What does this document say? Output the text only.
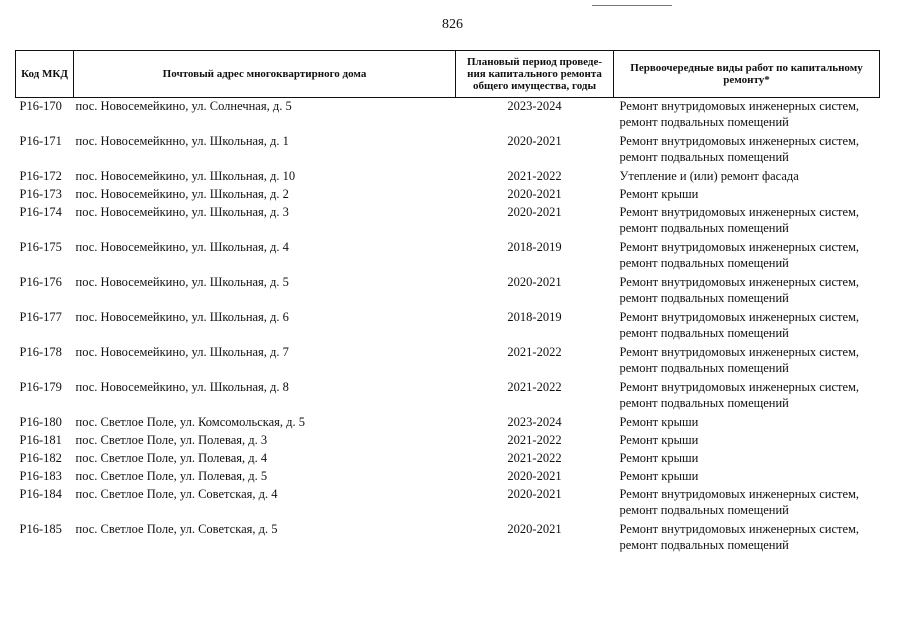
826
Код МКД	Почтовый адрес многоквартирного дома	Плановый период проведе-ния капитального ремонта общего имущества, годы	Первоочередные виды работ по капитальному ремонту*
Р16-170	пос. Новосемейкино, ул. Солнечная, д. 5	2023-2024	Ремонт внутридомовых инженерных систем,
ремонт подвальных помещений

Р16-171	пос. Новосемейкнно, ул. Школьная, д. 1	2020-2021	Ремонт внутридомовых инженерных систем,
ремонт подвальных помещений

Р16-172	пос. Новосемейкино, ул. Школьная, д. 10	2021-2022	Утепление и (или) ремонт фасада

Р16-173	пос. Новосемейкино, ул. Школьная, д. 2	2020-2021	Ремонт крыши

Р16-174	пос. Новосемейкино, ул. Школьная, д. 3	2020-2021	Ремонт внутридомовых инженерных систем,
ремонт подвальных помещений

Р16-175	пос. Новосемейкино, ул. Школьная, д. 4	2018-2019	Ремонт внутридомовых инженерных систем,
ремонт подвальных помещений

Р16-176	пос. Новосемейкино, ул. Школьная, д. 5	2020-2021	Ремонт внутридомовых инженерных систем,
ремонт подвальных помещений

Р16-177	пос. Новосемейкино, ул. Школьная, д. 6	2018-2019	Ремонт внутридомовых инженерных систем,
ремонт подвальных помещений

Р16-178	пос. Новосемейкино, ул. Школьная, д. 7	2021-2022	Ремонт внутридомовых инженерных систем,
ремонт подвальных помещений

Р16-179	пос. Новосемейкино, ул. Школьная, д. 8	2021-2022	Ремонт внутридомовых инженерных систем,
ремонт подвальных помещений

Р16-180	пос. Светлое Поле, ул. Комсомольская, д. 5	2023-2024	Ремонт крыши

Р16-181	пос. Светлое Поле, ул. Полевая, д. 3	2021-2022	Ремонт крыши

Р16-182	пос. Светлое Поле, ул. Полевая, д. 4	2021-2022	Ремонт крыши

Р16-183	пос. Светлое Поле, ул. Полевая, д. 5	2020-2021	Ремонт крыши

Р16-184	пос. Светлое Поле, ул. Советская, д. 4	2020-2021	Ремонт внутридомовых инженерных систем,
ремонт подвальных помещений

Р16-185	пос. Светлое Поле, ул. Советская, д. 5	2020-2021	Ремонт внутридомовых инженерных систем,
ремонт подвальных помещений
